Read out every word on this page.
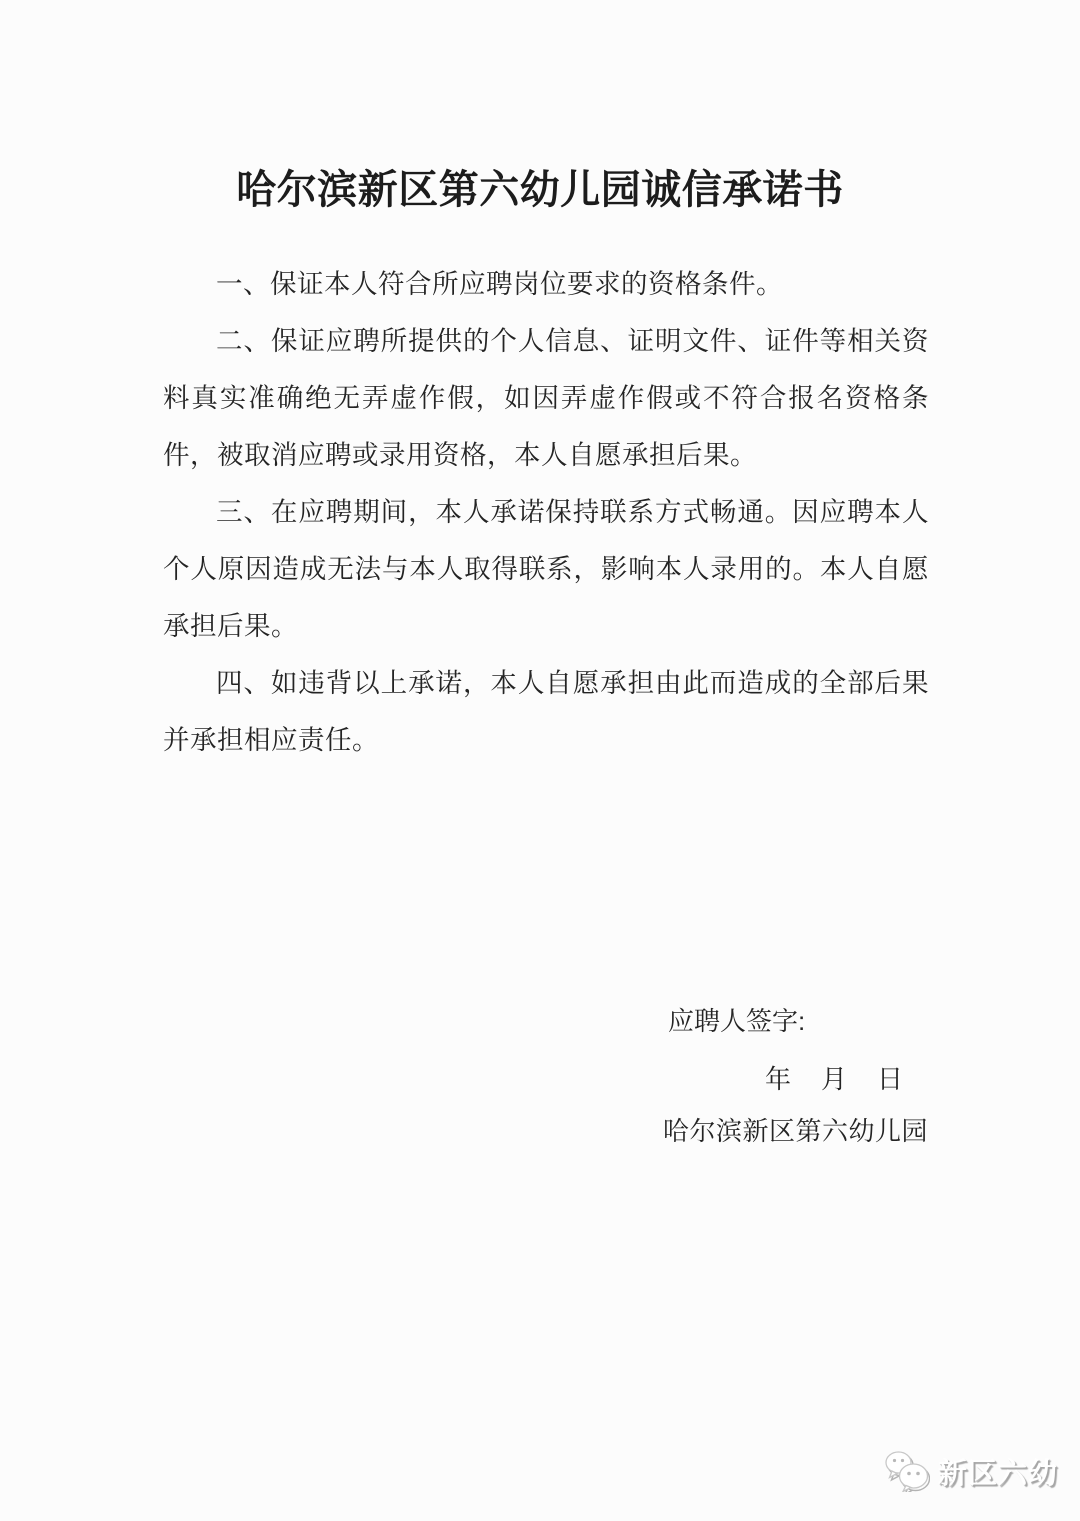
哈尔滨新区第六幼儿园诚信承诺书

一、保证本人符合所应聘岗位要求的资格条件。

二、保证应聘所提供的个人信息、证明文件、证件等相关资料真实准确绝无弄虚作假，如因弄虚作假或不符合报名资格条件，被取消应聘或录用资格，本人自愿承担后果。

三、在应聘期间，本人承诺保持联系方式畅通。因应聘本人个人原因造成无法与本人取得联系，影响本人录用的。本人自愿承担后果。

四、如违背以上承诺，本人自愿承担由此而造成的全部后果并承担相应责任。

应聘人签字:
年　月　日
哈尔滨新区第六幼儿园
新区六幼
